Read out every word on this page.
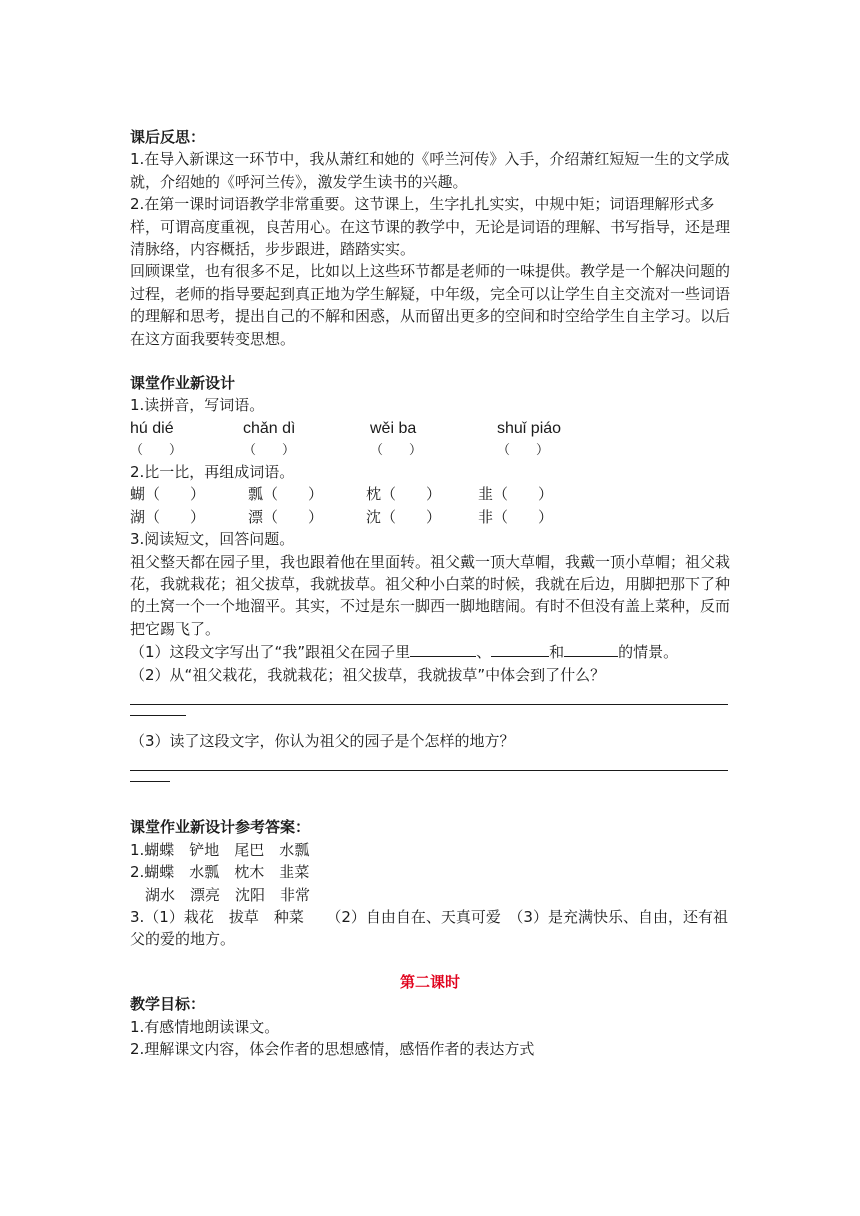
课后反思：
1.在导入新课这一环节中，我从萧红和她的《呼兰河传》入手，介绍萧红短短一生的文学成就，介绍她的《呼河兰传》，激发学生读书的兴趣。
2.在第一课时词语教学非常重要。这节课上，生字扎扎实实，中规中矩；词语理解形式多样，可谓高度重视，良苦用心。在这节课的教学中，无论是词语的理解、书写指导，还是理清脉络，内容概括，步步跟进，踏踏实实。
回顾课堂，也有很多不足，比如以上这些环节都是老师的一味提供。教学是一个解决问题的过程，老师的指导要起到真正地为学生解疑，中年级，完全可以让学生自主交流对一些词语的理解和思考，提出自己的不解和困惑，从而留出更多的空间和时空给学生自主学习。以后在这方面我要转变思想。
课堂作业新设计
1.读拼音，写词语。
hú dié	chǎn dì	wěi ba	shuǐ piáo
（　　）	（　　）	（　　）	（　　）
2.比一比，再组成词语。
蝴（　　）	瓢（　　）	枕（　　）	韭（　　）
湖（　　）	漂（　　）	沈（　　）	非（　　）
3.阅读短文，回答问题。
祖父整天都在园子里，我也跟着他在里面转。祖父戴一顶大草帽，我戴一顶小草帽；祖父栽花，我就栽花；祖父拔草，我就拔草。祖父种小白菜的时候，我就在后边，用脚把那下了种的土窝一个一个地溜平。其实，不过是东一脚西一脚地瞎闹。有时不但没有盖上菜种，反而把它踢飞了。
（1）这段文字写出了“我”跟祖父在园子里	、	和	的情景。
（2）从“祖父栽花，我就栽花；祖父拔草，我就拔草”中体会到了什么？
（3）读了这段文字，你认为祖父的园子是个怎样的地方？
课堂作业新设计参考答案：
1.蝴蝶　铲地　尾巴　水瓢
2.蝴蝶　水瓢　枕木　韭菜
　湖水　漂亮　沈阳　非常
3.（1）栽花　拔草　种菜　　（2）自由自在、天真可爱　（3）是充满快乐、自由，还有祖父的爱的地方。
第二课时
教学目标：
1.有感情地朗读课文。
2.理解课文内容，体会作者的思想感情，感悟作者的表达方式
